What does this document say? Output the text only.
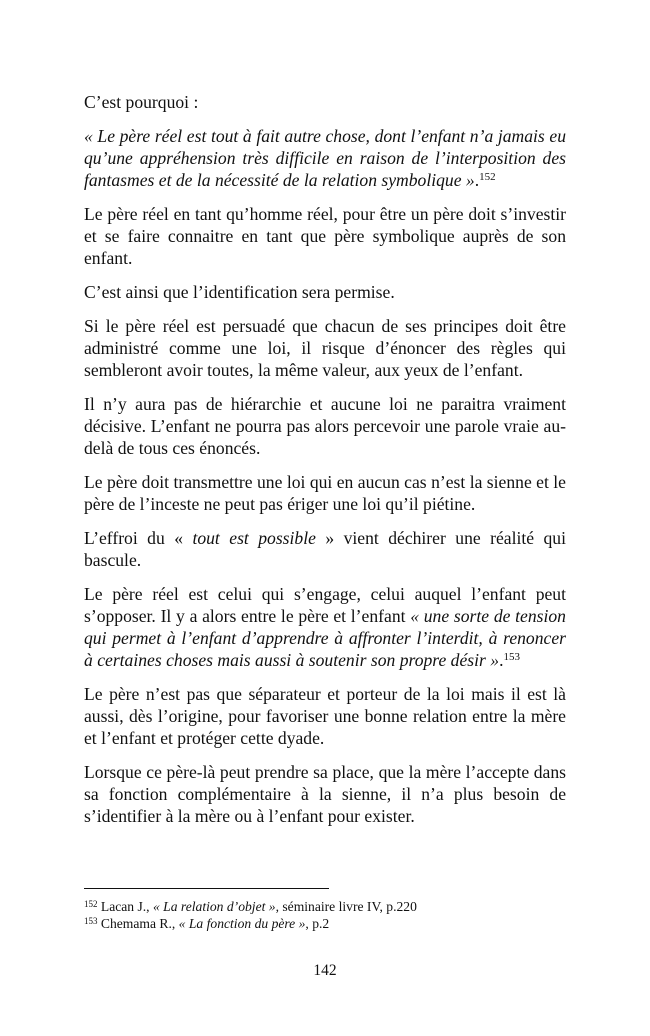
C’est pourquoi :

« Le père réel est tout à fait autre chose, dont l’enfant n’a jamais eu qu’une appréhension très difficile en raison de l’interposition des fantasmes et de la nécessité de la relation symbolique ».$^{152}$

Le père réel en tant qu’homme réel, pour être un père doit s’investir et se faire connaitre en tant que père symbolique auprès de son enfant.

C’est ainsi que l’identification sera permise.

Si le père réel est persuadé que chacun de ses principes doit être administré comme une loi, il risque d’énoncer des règles qui sembleront avoir toutes, la même valeur, aux yeux de l’enfant.

Il n’y aura pas de hiérarchie et aucune loi ne paraitra vraiment décisive. L’enfant ne pourra pas alors percevoir une parole vraie au-delà de tous ces énoncés.

Le père doit transmettre une loi qui en aucun cas n’est la sienne et le père de l’inceste ne peut pas ériger une loi qu’il piétine.

L’effroi du « tout est possible » vient déchirer une réalité qui bascule.

Le père réel est celui qui s’engage, celui auquel l’enfant peut s’opposer. Il y a alors entre le père et l’enfant « une sorte de tension qui permet à l’enfant d’apprendre à affronter l’interdit, à renoncer à certaines choses mais aussi à soutenir son propre désir ».$^{153}$

Le père n’est pas que séparateur et porteur de la loi mais il est là aussi, dès l’origine, pour favoriser une bonne relation entre la mère et l’enfant et protéger cette dyade.

Lorsque ce père-là peut prendre sa place, que la mère l’accepte dans sa fonction complémentaire à la sienne, il n’a plus besoin de s’identifier à la mère ou à l’enfant pour exister.

$^{152}$ Lacan J., « La relation d’objet », séminaire livre IV, p.220
$^{153}$ Chemama R., « La fonction du père », p.2
142
